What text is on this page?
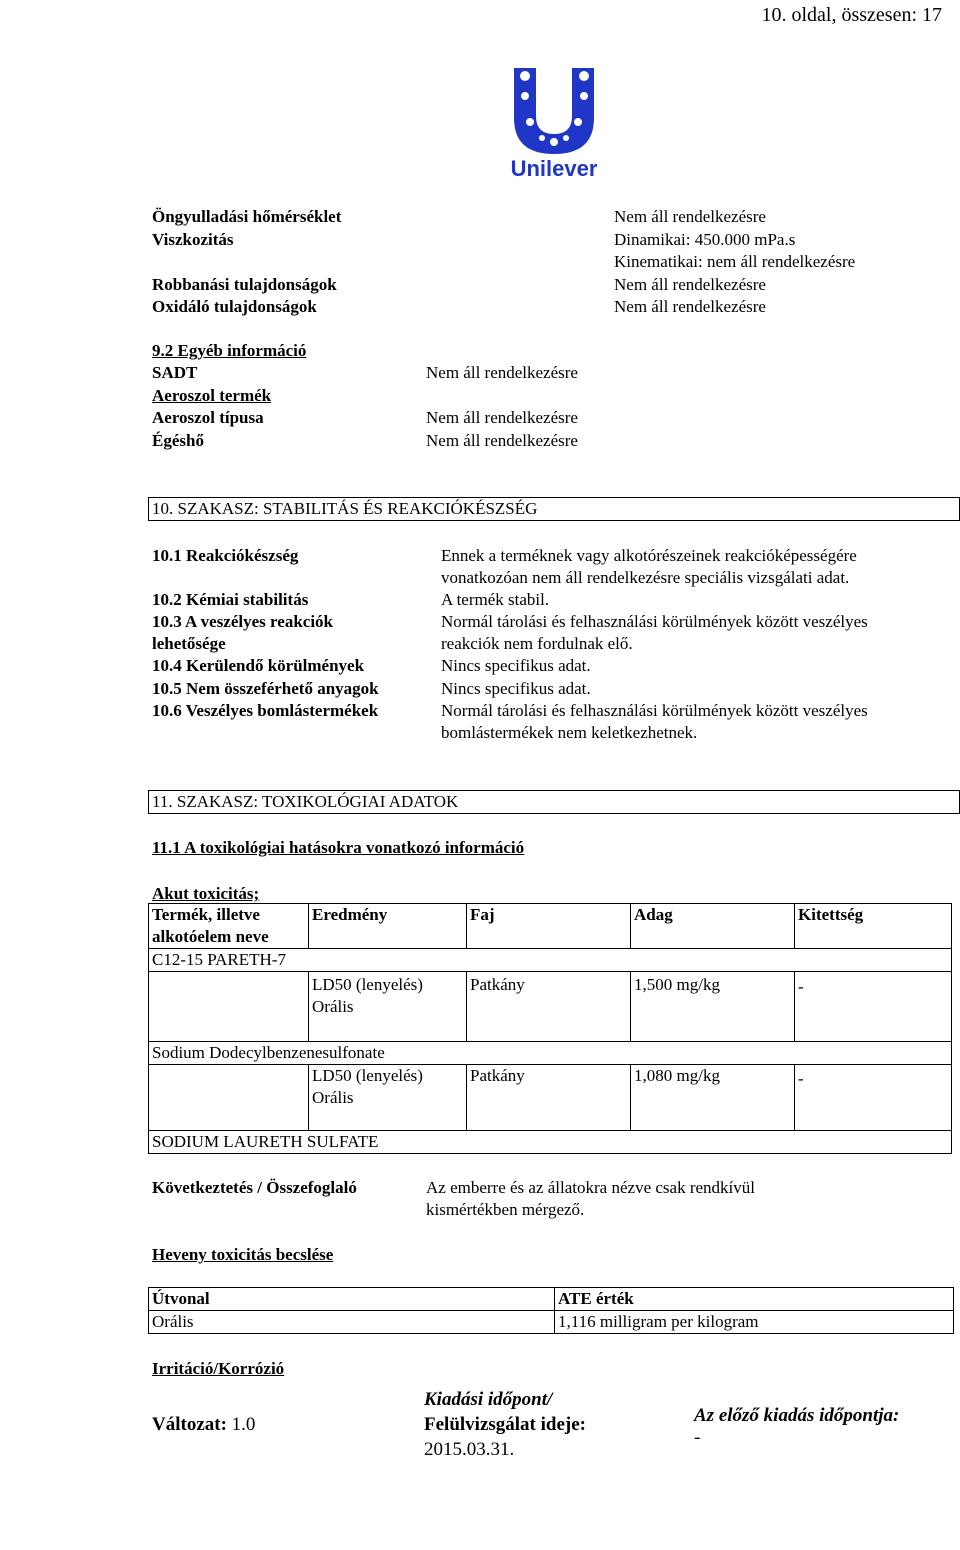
10. oldal, összesen: 17
Unilever
Öngyulladási hőmérséklet	Nem áll rendelkezésre
Viszkozitás	Dinamikai: 450.000 mPa.s
Kinematikai: nem áll rendelkezésre
Robbanási tulajdonságok	Nem áll rendelkezésre
Oxidáló tulajdonságok	Nem áll rendelkezésre
9.2 Egyéb információ
SADT	Nem áll rendelkezésre
Aeroszol termék
Aeroszol típusa	Nem áll rendelkezésre
Égéshő	Nem áll rendelkezésre
10. SZAKASZ: STABILITÁS ÉS REAKCIÓKÉSZSÉG
10.1 Reakciókészség	Ennek a terméknek vagy alkotórészeinek reakcióképességére
vonatkozóan nem áll rendelkezésre speciális vizsgálati adat.
10.2 Kémiai stabilitás	A termék stabil.
10.3 A veszélyes reakciók
lehetősége
Normál tárolási és felhasználási körülmények között veszélyes
reakciók nem fordulnak elő.
10.4 Kerülendő körülmények	Nincs specifikus adat.
10.5 Nem összeférhető anyagok	Nincs specifikus adat.
10.6 Veszélyes bomlástermékek	Normál tárolási és felhasználási körülmények között veszélyes
bomlástermékek nem keletkezhetnek.
11. SZAKASZ: TOXIKOLÓGIAI ADATOK
11.1 A toxikológiai hatásokra vonatkozó információ
Akut toxicitás;
Termék, illetve
alkotóelem neve	Eredmény	Faj	Adag	Kitettség
C12-15 PARETH-7				

	LD50 (lenyelés)
Orális	Patkány	1,500 mg/kg	-
Sodium Dodecylbenzenesulfonate				

	LD50 (lenyelés)
Orális	Patkány	1,080 mg/kg	-
SODIUM LAURETH SULFATE				
Következtetés / Összefoglaló	Az emberre és az állatokra nézve csak rendkívül
kismértékben mérgező.
Heveny toxicitás becslése
Útvonal	ATE érték
Orális	1,116 milligram per kilogram
Irritáció/Korrózió
Változat: 1.0
Kiadási időpont/
Felülvizsgálat ideje:
2015.03.31.
Az előző kiadás időpontja:
-
